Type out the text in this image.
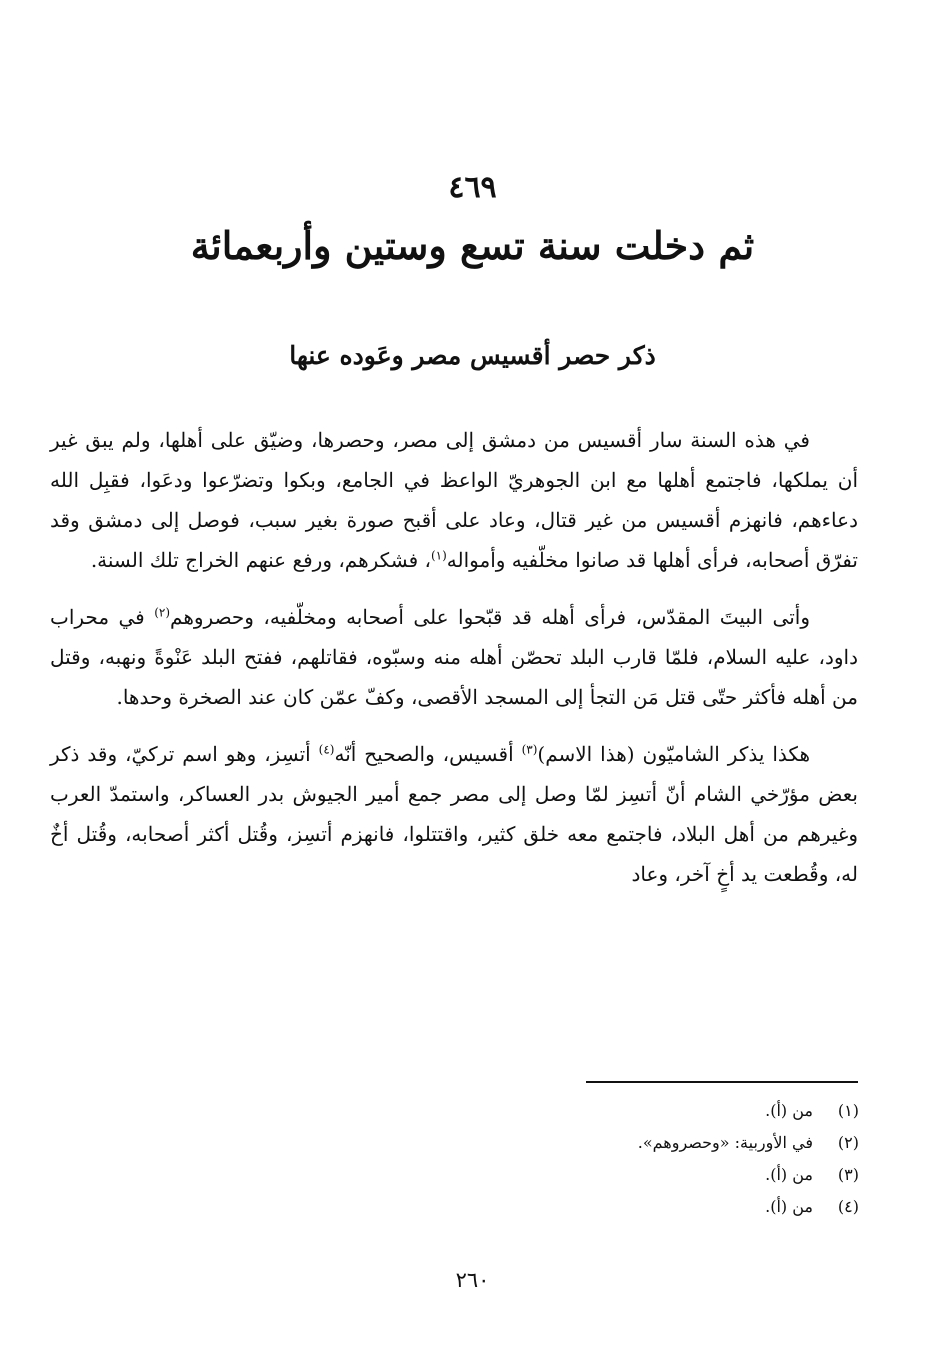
٤٦٩
ثم دخلت سنة تسع وستين وأربعمائة
ذكر حصر أقسيس مصر وعَوده عنها

في هذه السنة سار أقسيس من دمشق إلى مصر، وحصرها، وضيّق على أهلها، ولم يبق غير أن يملكها، فاجتمع أهلها مع ابن الجوهريّ الواعظ في الجامع، وبكوا وتضرّعوا ودعَوا، فقبِل الله دعاءهم، فانهزم أقسيس من غير قتال، وعاد على أقبح صورة بغير سبب، فوصل إلى دمشق وقد تفرّق أصحابه، فرأى أهلها قد صانوا مخلّفيه وأمواله$^{(١)}$، فشكرهم، ورفع عنهم الخراج تلك السنة.

وأتى البيتَ المقدّس، فرأى أهله قد قبّحوا على أصحابه ومخلّفيه، وحصروهم$^{(٢)}$ في محراب داود، عليه السلام، فلمّا قارب البلد تحصّن أهله منه وسبّوه، فقاتلهم، ففتح البلد عَنْوةً ونهبه، وقتل من أهله فأكثر حتّى قتل مَن التجأ إلى المسجد الأقصى، وكفّ عمّن كان عند الصخرة وحدها.

هكذا يذكر الشاميّون (هذا الاسم)$^{(٣)}$ أقسيس، والصحيح أنّه$^{(٤)}$ أتسِز، وهو اسم تركيّ، وقد ذكر بعض مؤرّخي الشام أنّ أتسِز لمّا وصل إلى مصر جمع أمير الجيوش بدر العساكر، واستمدّ العرب وغيرهم من أهل البلاد، فاجتمع معه خلق كثير، واقتتلوا، فانهزم أتسِز، وقُتل أكثر أصحابه، وقُتل أخٌ له، وقُطعت يد أخٍ آخر، وعاد

(١)من (أ).
(٢)في الأوربية: «وحصروهم».
(٣)من (أ).
(٤)من (أ).
٢٦٠
